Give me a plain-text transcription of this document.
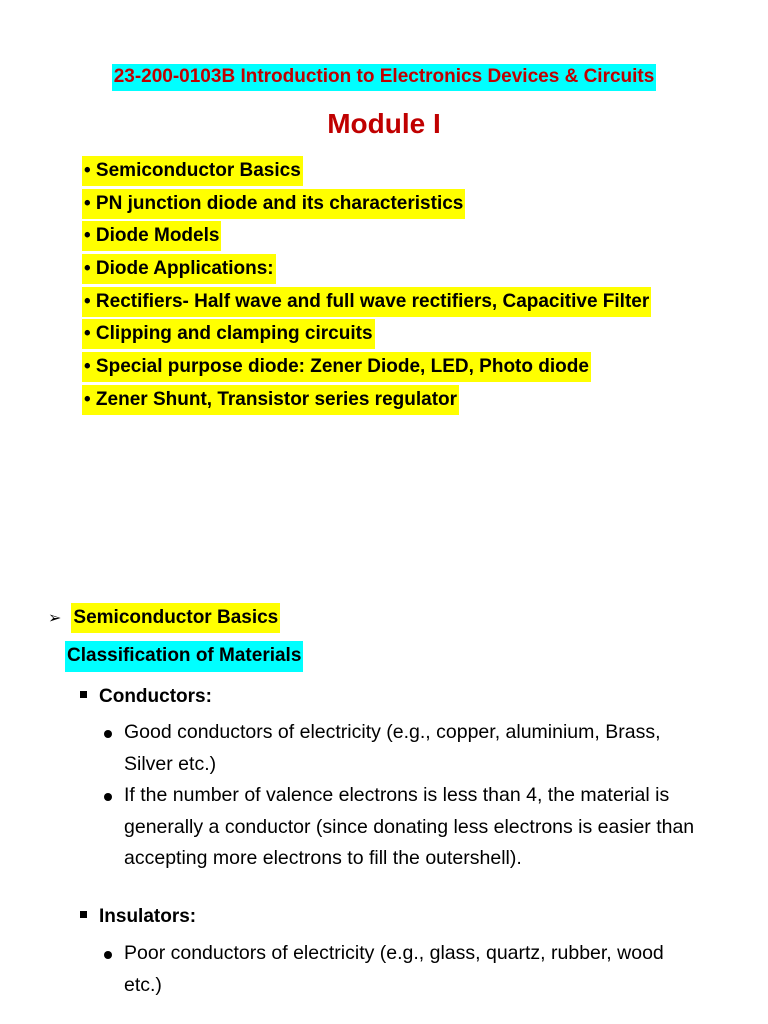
23-200-0103B Introduction to Electronics Devices & Circuits
Module I
• Semiconductor Basics
• PN junction diode and its characteristics
• Diode Models
• Diode Applications:
• Rectifiers- Half wave and full wave rectifiers, Capacitive Filter
• Clipping and clamping circuits
• Special purpose diode: Zener Diode, LED, Photo diode
• Zener Shunt, Transistor series regulator
➢ Semiconductor Basics
Classification of Materials
Conductors:
Good conductors of electricity (e.g., copper, aluminium, Brass, Silver etc.)
If the number of valence electrons is less than 4, the material is generally a conductor (since donating less electrons is easier than accepting more electrons to fill the outershell).
Insulators:
Poor conductors of electricity (e.g., glass, quartz, rubber, wood etc.)
